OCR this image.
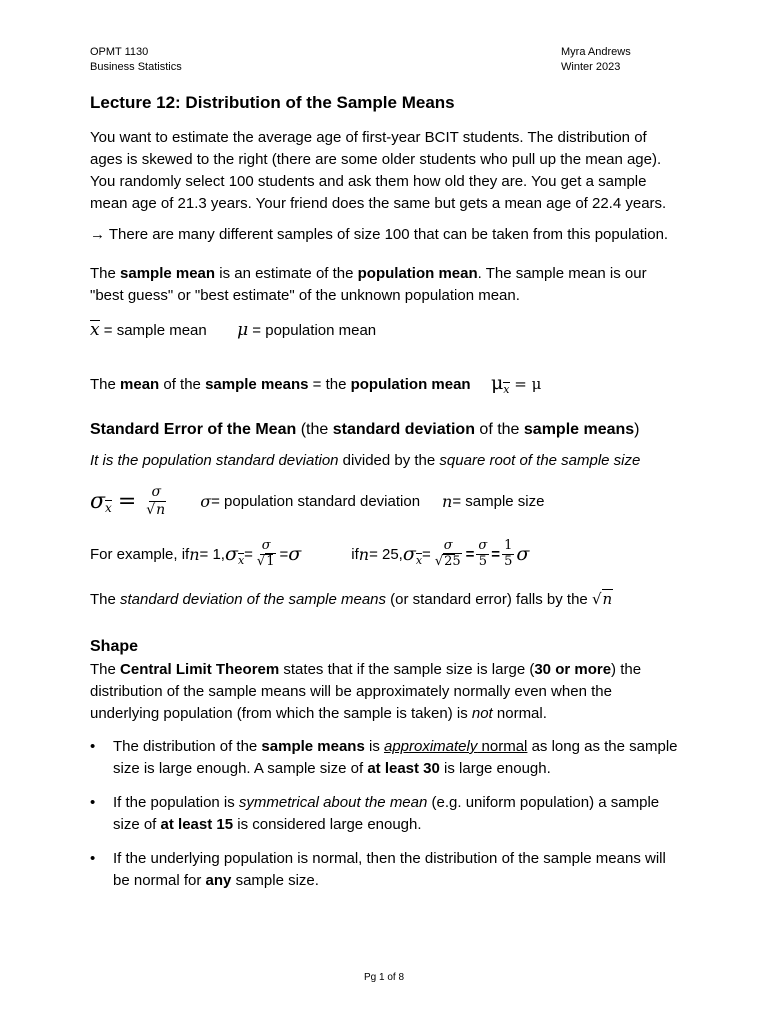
OPMT 1130
Business Statistics
Myra Andrews
Winter 2023
Lecture 12: Distribution of the Sample Means
You want to estimate the average age of first-year BCIT students. The distribution of ages is skewed to the right (there are some older students who pull up the mean age). You randomly select 100 students and ask them how old they are. You get a sample mean age of 21.3 years. Your friend does the same but gets a mean age of 22.4 years.
→ There are many different samples of size 100 that can be taken from this population.
The sample mean is an estimate of the population mean. The sample mean is our "best guess" or "best estimate" of the unknown population mean.
x = sample mean μ = population mean
The mean of the sample means = the population mean $\mu_x = \mu$
Standard Error of the Mean (the standard deviation of the sample means)
It is the population standard deviation divided by the square root of the sample size
$\sigma_x = \frac{\sigma}{√n}$ σ = population standard deviation n = sample size
For example, if n = 1, $\sigma_x = \frac{\sigma}{√1} = \sigma$	if n = 25, $\sigma_x = \frac{\sigma}{√25} = \frac{\sigma}{5} = \frac{1}{5}$ σ
The standard deviation of the sample means (or standard error) falls by the √n
Shape
The Central Limit Theorem states that if the sample size is large (30 or more) the distribution of the sample means will be approximately normally even when the underlying population (from which the sample is taken) is not normal.
• The distribution of the sample means is approximately normal as long as the sample size is large enough. A sample size of at least 30 is large enough.
• If the population is symmetrical about the mean (e.g. uniform population) a sample size of at least 15 is considered large enough.
• If the underlying population is normal, then the distribution of the sample means will be normal for any sample size.
Pg 1 of 8
